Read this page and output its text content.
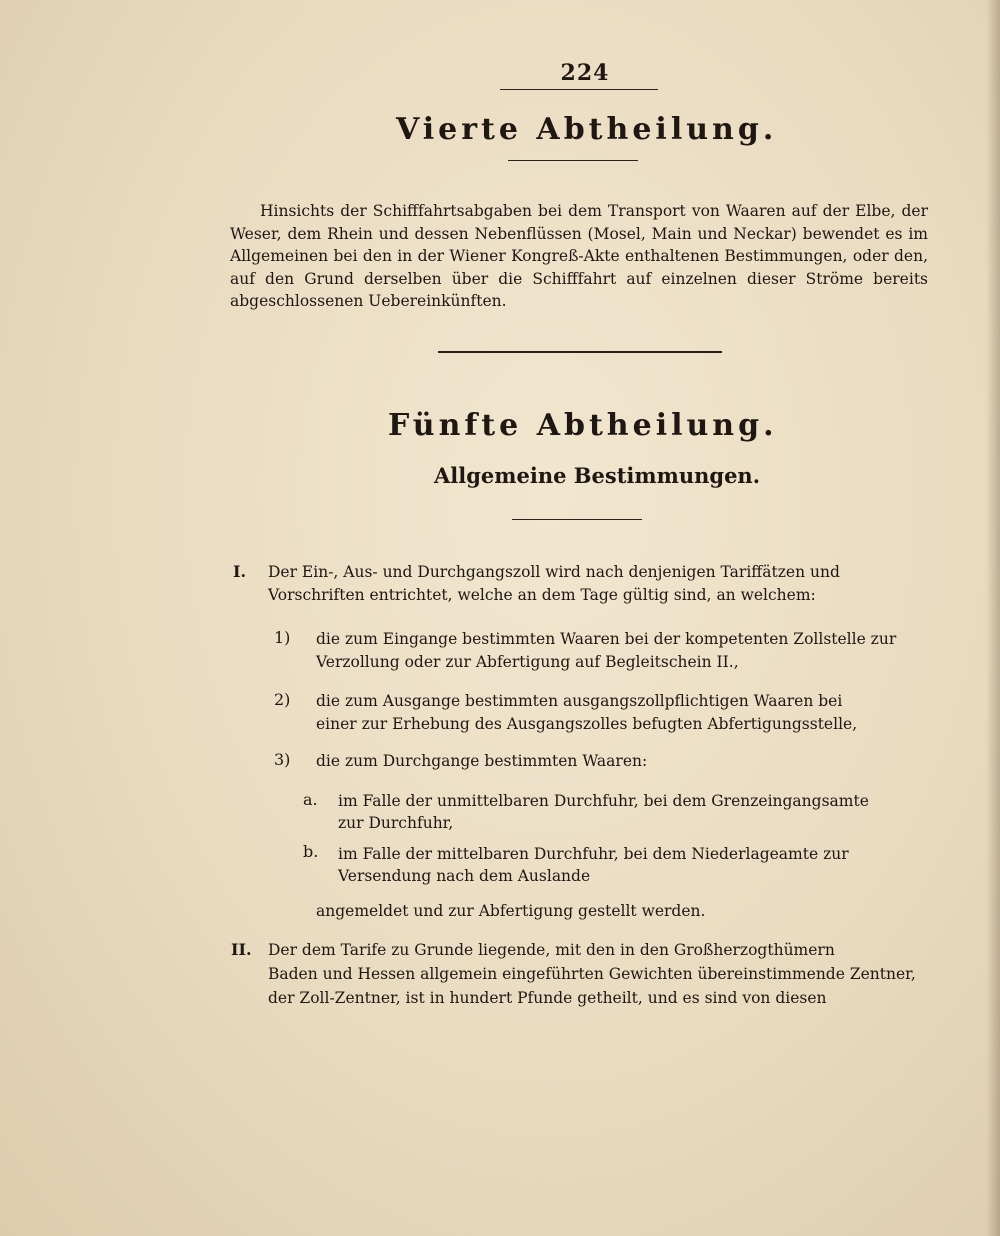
224
Vierte Abtheilung.
Hinsichts der Schifffahrtsabgaben bei dem Transport von Waaren auf der Elbe, der Weser, dem Rhein und dessen Nebenflüssen (Mosel, Main und Neckar) bewendet es im Allgemeinen bei den in der Wiener Kongreß-Akte enthaltenen Bestimmungen, oder den, auf den Grund derselben über die Schifffahrt auf einzelnen dieser Ströme bereits abgeschlossenen Uebereinkünften.
Fünfte Abtheilung.
Allgemeine Bestimmungen.
I. Der Ein-, Aus- und Durchgangszoll wird nach denjenigen Tariffätzen und
Vorschriften entrichtet, welche an dem Tage gültig sind, an welchem:
1) die zum Eingange bestimmten Waaren bei der kompetenten Zollstelle zur
Verzollung oder zur Abfertigung auf Begleitschein II.,
2) die zum Ausgange bestimmten ausgangszollpflichtigen Waaren bei
einer zur Erhebung des Ausgangszolles befugten Abfertigungsstelle,
3) die zum Durchgange bestimmten Waaren:
a. im Falle der unmittelbaren Durchfuhr, bei dem Grenzeingangsamte
zur Durchfuhr,
b. im Falle der mittelbaren Durchfuhr, bei dem Niederlageamte zur
Versendung nach dem Auslande
angemeldet und zur Abfertigung gestellt werden.
II. Der dem Tarife zu Grunde liegende, mit den in den Großherzogthümern
Baden und Hessen allgemein eingeführten Gewichten übereinstimmende Zentner,
der Zoll-Zentner, ist in hundert Pfunde getheilt, und es sind von diesen
